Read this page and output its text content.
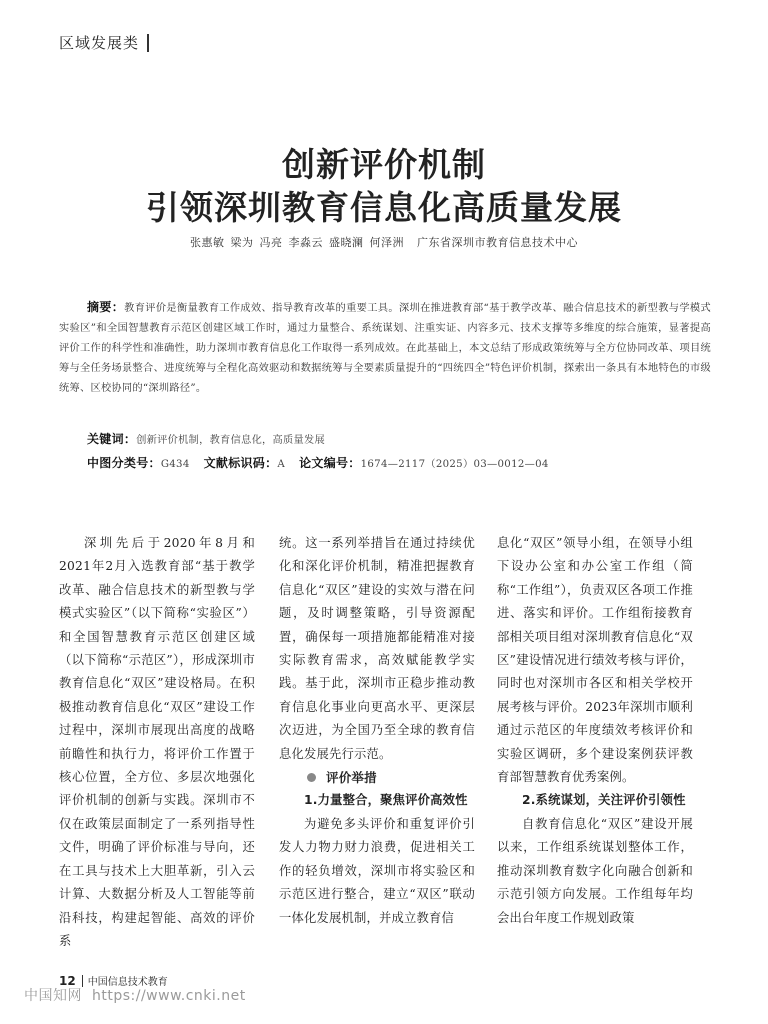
区域发展类
创新评价机制
引领深圳教育信息化高质量发展
张惠敏 梁为 冯亮 李淼云 盛晓澜 何泽洲 广东省深圳市教育信息技术中心
摘要：教育评价是衡量教育工作成效、指导教育改革的重要工具。深圳在推进教育部“基于教学改革、融合信息技术的新型教与学模式实验区”和全国智慧教育示范区创建区域工作时，通过力量整合、系统谋划、注重实证、内容多元、技术支撑等多维度的综合施策，显著提高评价工作的科学性和准确性，助力深圳市教育信息化工作取得一系列成效。在此基础上，本文总结了形成政策统筹与全方位协同改革、项目统筹与全任务场景整合、进度统筹与全程化高效驱动和数据统筹与全要素质量提升的“四统四全”特色评价机制，探索出一条具有本地特色的市级统筹、区校协同的“深圳路径”。
关键词：创新评价机制，教育信息化，高质量发展
中图分类号：G434 文献标识码：A 论文编号：1674—2117（2025）03—0012—04

深圳先后于2020年8月和2021年2月入选教育部“基于教学改革、融合信息技术的新型教与学模式实验区”（以下简称“实验区”）和全国智慧教育示范区创建区域（以下简称“示范区”），形成深圳市教育信息化“双区”建设格局。在积极推动教育信息化“双区”建设工作过程中，深圳市展现出高度的战略前瞻性和执行力，将评价工作置于核心位置，全方位、多层次地强化评价机制的创新与实践。深圳市不仅在政策层面制定了一系列指导性文件，明确了评价标准与导向，还在工具与技术上大胆革新，引入云计算、大数据分析及人工智能等前沿科技，构建起智能、高效的评价系

统。这一系列举措旨在通过持续优化和深化评价机制，精准把握教育信息化“双区”建设的实效与潜在问题，及时调整策略，引导资源配置，确保每一项措施都能精准对接实际教育需求，高效赋能教学实践。基于此，深圳市正稳步推动教育信息化事业向更高水平、更深层次迈进，为全国乃至全球的教育信息化发展先行示范。

评价举措
1.力量整合，聚焦评价高效性

为避免多头评价和重复评价引发人力物力财力浪费，促进相关工作的轻负增效，深圳市将实验区和示范区进行整合，建立“双区”联动一体化发展机制，并成立教育信

息化“双区”领导小组，在领导小组下设办公室和办公室工作组（简称“工作组”），负责双区各项工作推进、落实和评价。工作组衔接教育部相关项目组对深圳教育信息化“双区”建设情况进行绩效考核与评价，同时也对深圳市各区和相关学校开展考核与评价。2023年深圳市顺利通过示范区的年度绩效考核评价和实验区调研，多个建设案例获评教育部智慧教育优秀案例。

2.系统谋划，关注评价引领性

自教育信息化“双区”建设开展以来，工作组系统谋划整体工作，推动深圳教育数字化向融合创新和示范引领方向发展。工作组每年均会出台年度工作规划政策

12 中国信息技术教育
中国知网 https://www.cnki.net
